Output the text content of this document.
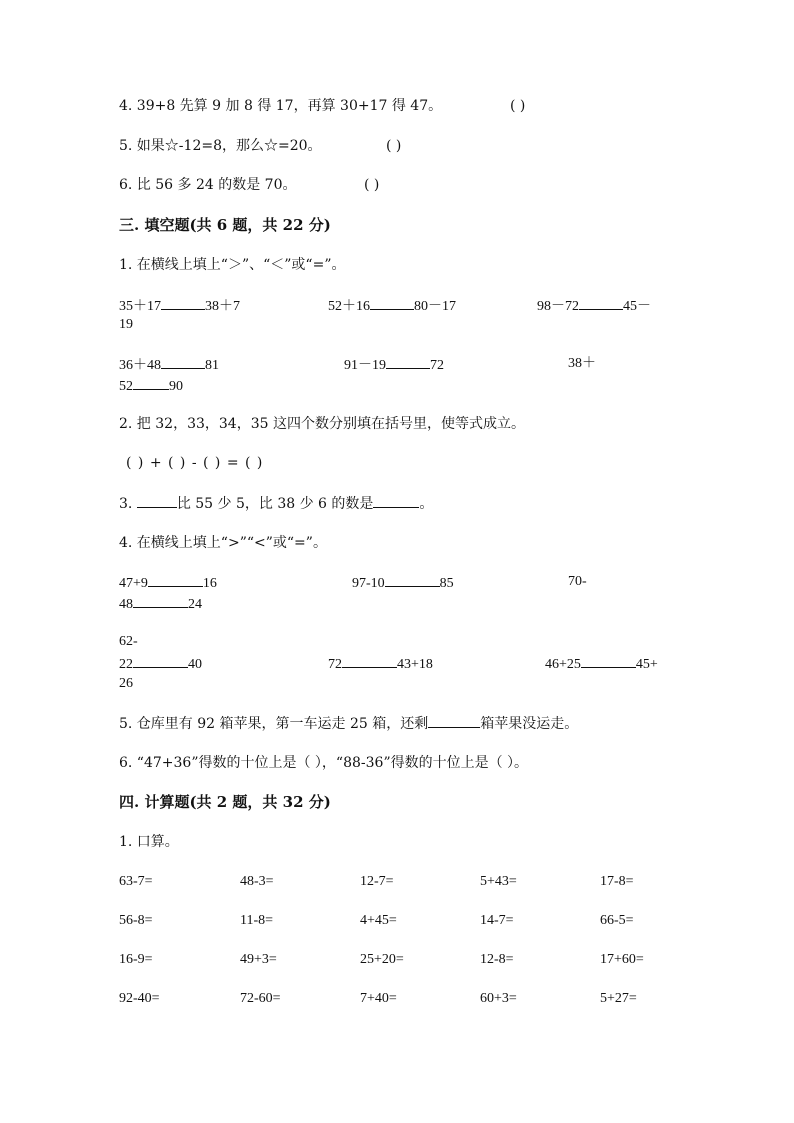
4. 39+8 先算 9 加 8 得 17，再算 30+17 得 47。	( )
5. 如果☆-12=8，那么☆=20。	( )
6. 比 56 多 24 的数是 70。	( )
三. 填空题(共 6 题，共 22 分)
1. 在横线上填上“＞”、“＜”或“=”。
35＋17	38＋7	52＋16	80－17	98－72	45－
19
36＋48	81	91－19	72	38＋
52	90
2. 把 32，33，34，35 这四个数分别填在括号里，使等式成立。
( ) + ( ) - ( ) = ( )
3.	比 55 少 5，比 38 少 6 的数是	。
4. 在横线上填上“>”“<”或“=”。
47+9	16	97-10	85	70-
48	24
62-
22	40	72	43+18	46+25	45+
26
5. 仓库里有 92 箱苹果，第一车运走 25 箱，还剩	箱苹果没运走。
6. “47+36”得数的十位上是（ ），“88-36”得数的十位上是（ ）。
四. 计算题(共 2 题，共 32 分)
1. 口算。
63-7=	48-3=	12-7=	5+43=	17-8=
56-8=	11-8=	4+45=	14-7=	66-5=
16-9=	49+3=	25+20=	12-8=	17+60=
92-40=	72-60=	7+40=	60+3=	5+27=
